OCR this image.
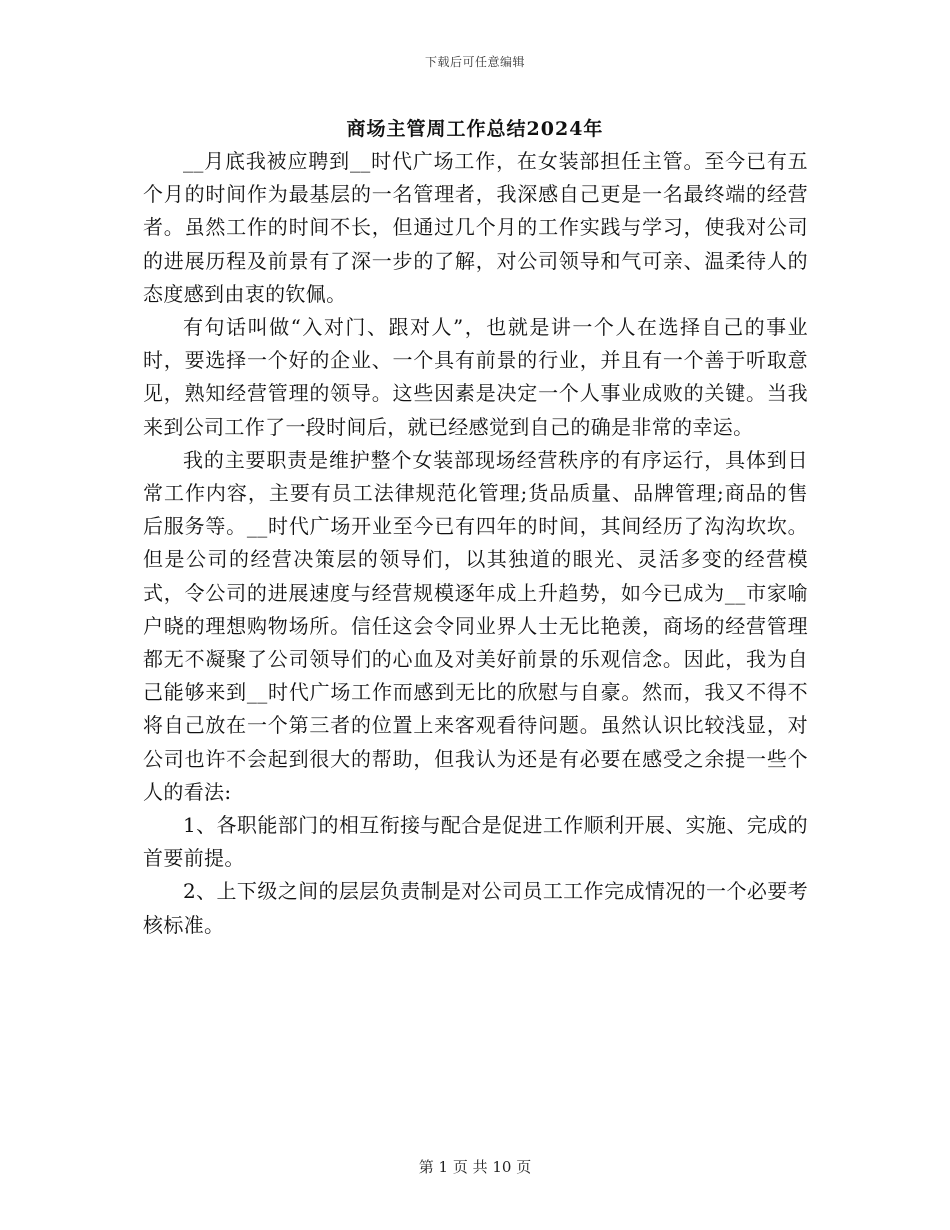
下载后可任意编辑
商场主管周工作总结2024年

__月底我被应聘到__时代广场工作，在女装部担任主管。至今已有五个月的时间作为最基层的一名管理者，我深感自己更是一名最终端的经营者。虽然工作的时间不长，但通过几个月的工作实践与学习，使我对公司的进展历程及前景有了深一步的了解，对公司领导和气可亲、温柔待人的态度感到由衷的钦佩。

有句话叫做“入对门、跟对人”，也就是讲一个人在选择自己的事业时，要选择一个好的企业、一个具有前景的行业，并且有一个善于听取意见，熟知经营管理的领导。这些因素是决定一个人事业成败的关键。当我来到公司工作了一段时间后，就已经感觉到自己的确是非常的幸运。

我的主要职责是维护整个女装部现场经营秩序的有序运行，具体到日常工作内容，主要有员工法律规范化管理;货品质量、品牌管理;商品的售后服务等。__时代广场开业至今已有四年的时间，其间经历了沟沟坎坎。但是公司的经营决策层的领导们，以其独道的眼光、灵活多变的经营模式，令公司的进展速度与经营规模逐年成上升趋势，如今已成为__市家喻户晓的理想购物场所。信任这会令同业界人士无比艳羡，商场的经营管理都无不凝聚了公司领导们的心血及对美好前景的乐观信念。因此，我为自己能够来到__时代广场工作而感到无比的欣慰与自豪。然而，我又不得不将自己放在一个第三者的位置上来客观看待问题。虽然认识比较浅显，对公司也许不会起到很大的帮助，但我认为还是有必要在感受之余提一些个人的看法:

1、各职能部门的相互衔接与配合是促进工作顺利开展、实施、完成的首要前提。

2、上下级之间的层层负责制是对公司员工工作完成情况的一个必要考核标准。

第 1 页 共 10 页
